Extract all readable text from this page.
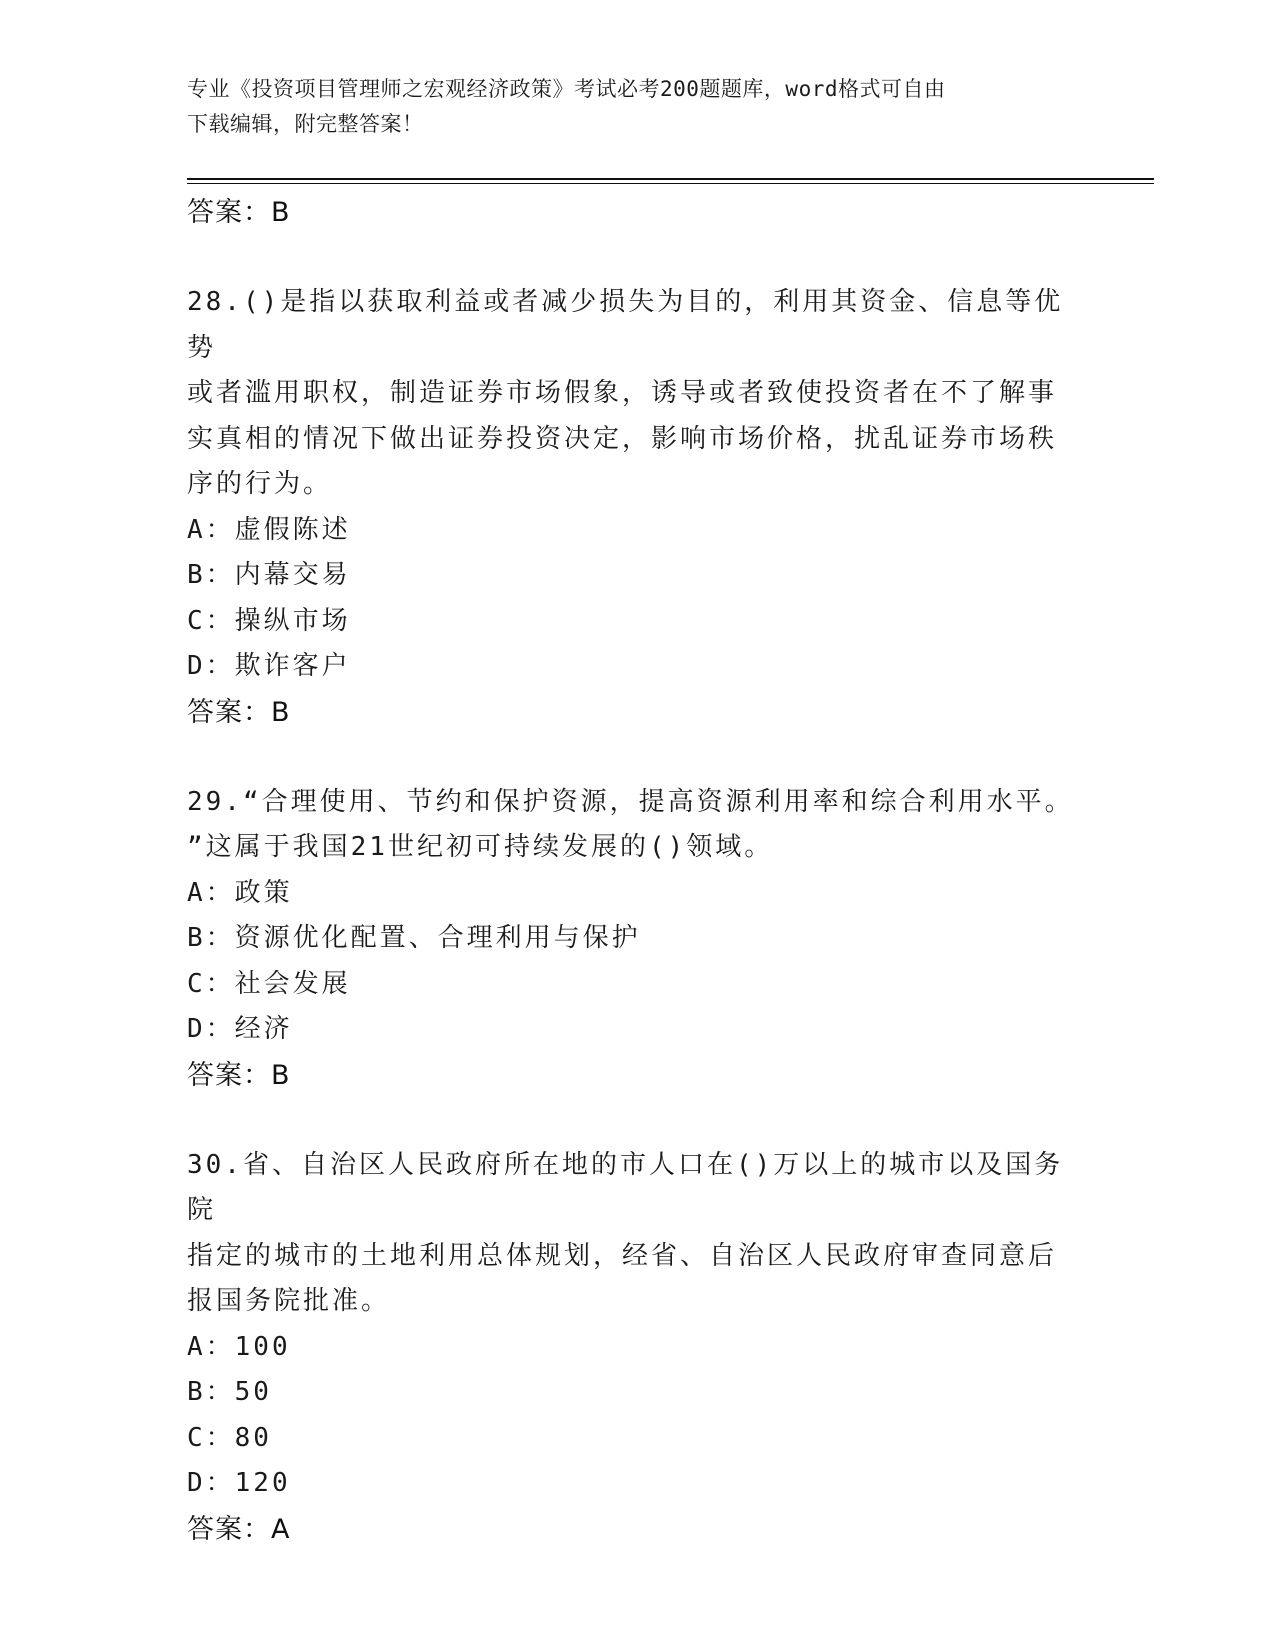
专业《投资项目管理师之宏观经济政策》考试必考200题题库，word格式可自由
下载编辑，附完整答案！

答案：B

28.()是指以获取利益或者减少损失为目的，利用其资金、信息等优势

或者滥用职权，制造证券市场假象，诱导或者致使投资者在不了解事

实真相的情况下做出证券投资决定，影响市场价格，扰乱证券市场秩

序的行为。

A：虚假陈述

B：内幕交易

C：操纵市场

D：欺诈客户

答案：B

29.“合理使用、节约和保护资源，提高资源利用率和综合利用水平。

”这属于我国21世纪初可持续发展的()领域。

A：政策

B：资源优化配置、合理利用与保护

C：社会发展

D：经济

答案：B

30.省、自治区人民政府所在地的市人口在()万以上的城市以及国务院

指定的城市的土地利用总体规划，经省、自治区人民政府审查同意后

报国务院批准。

A：100

B：50

C：80

D：120

答案：A
